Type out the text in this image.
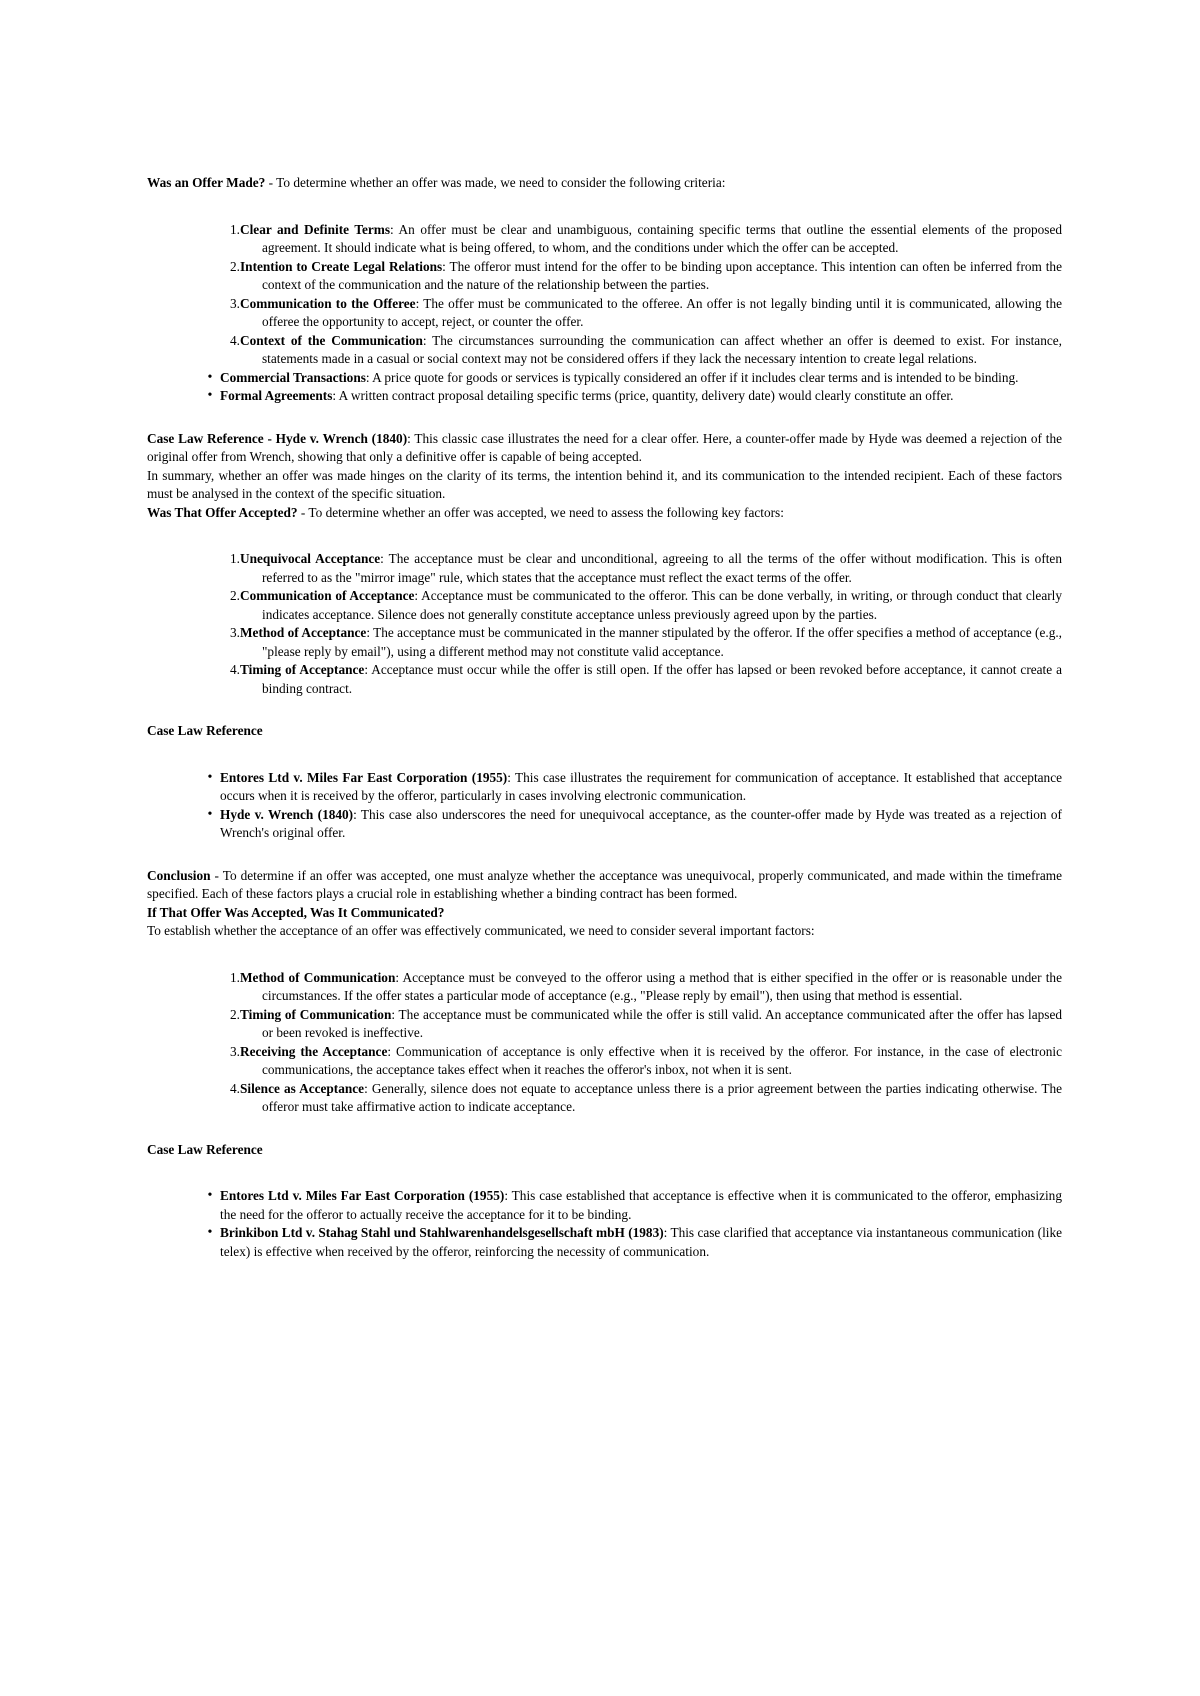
Was an Offer Made? - To determine whether an offer was made, we need to consider the following criteria:

1. Clear and Definite Terms: An offer must be clear and unambiguous, containing specific terms that outline the essential elements of the proposed agreement. It should indicate what is being offered, to whom, and the conditions under which the offer can be accepted.
2. Intention to Create Legal Relations: The offeror must intend for the offer to be binding upon acceptance. This intention can often be inferred from the context of the communication and the nature of the relationship between the parties.
3. Communication to the Offeree: The offer must be communicated to the offeree. An offer is not legally binding until it is communicated, allowing the offeree the opportunity to accept, reject, or counter the offer.
4. Context of the Communication: The circumstances surrounding the communication can affect whether an offer is deemed to exist. For instance, statements made in a casual or social context may not be considered offers if they lack the necessary intention to create legal relations.
• Commercial Transactions: A price quote for goods or services is typically considered an offer if it includes clear terms and is intended to be binding.
• Formal Agreements: A written contract proposal detailing specific terms (price, quantity, delivery date) would clearly constitute an offer.

Case Law Reference - Hyde v. Wrench (1840): This classic case illustrates the need for a clear offer. Here, a counter-offer made by Hyde was deemed a rejection of the original offer from Wrench, showing that only a definitive offer is capable of being accepted.

In summary, whether an offer was made hinges on the clarity of its terms, the intention behind it, and its communication to the intended recipient. Each of these factors must be analysed in the context of the specific situation.

Was That Offer Accepted? - To determine whether an offer was accepted, we need to assess the following key factors:

1. Unequivocal Acceptance: The acceptance must be clear and unconditional, agreeing to all the terms of the offer without modification. This is often referred to as the "mirror image" rule, which states that the acceptance must reflect the exact terms of the offer.
2. Communication of Acceptance: Acceptance must be communicated to the offeror. This can be done verbally, in writing, or through conduct that clearly indicates acceptance. Silence does not generally constitute acceptance unless previously agreed upon by the parties.
3. Method of Acceptance: The acceptance must be communicated in the manner stipulated by the offeror. If the offer specifies a method of acceptance (e.g., "please reply by email"), using a different method may not constitute valid acceptance.
4. Timing of Acceptance: Acceptance must occur while the offer is still open. If the offer has lapsed or been revoked before acceptance, it cannot create a binding contract.

Case Law Reference

• Entores Ltd v. Miles Far East Corporation (1955): This case illustrates the requirement for communication of acceptance. It established that acceptance occurs when it is received by the offeror, particularly in cases involving electronic communication.
• Hyde v. Wrench (1840): This case also underscores the need for unequivocal acceptance, as the counter-offer made by Hyde was treated as a rejection of Wrench's original offer.

Conclusion - To determine if an offer was accepted, one must analyze whether the acceptance was unequivocal, properly communicated, and made within the timeframe specified. Each of these factors plays a crucial role in establishing whether a binding contract has been formed.

If That Offer Was Accepted, Was It Communicated?

To establish whether the acceptance of an offer was effectively communicated, we need to consider several important factors:

1. Method of Communication: Acceptance must be conveyed to the offeror using a method that is either specified in the offer or is reasonable under the circumstances. If the offer states a particular mode of acceptance (e.g., "Please reply by email"), then using that method is essential.
2. Timing of Communication: The acceptance must be communicated while the offer is still valid. An acceptance communicated after the offer has lapsed or been revoked is ineffective.
3. Receiving the Acceptance: Communication of acceptance is only effective when it is received by the offeror. For instance, in the case of electronic communications, the acceptance takes effect when it reaches the offeror's inbox, not when it is sent.
4. Silence as Acceptance: Generally, silence does not equate to acceptance unless there is a prior agreement between the parties indicating otherwise. The offeror must take affirmative action to indicate acceptance.

Case Law Reference

• Entores Ltd v. Miles Far East Corporation (1955): This case established that acceptance is effective when it is communicated to the offeror, emphasizing the need for the offeror to actually receive the acceptance for it to be binding.
• Brinkibon Ltd v. Stahag Stahl und Stahlwarenhandelsgesellschaft mbH (1983): This case clarified that acceptance via instantaneous communication (like telex) is effective when received by the offeror, reinforcing the necessity of communication.
